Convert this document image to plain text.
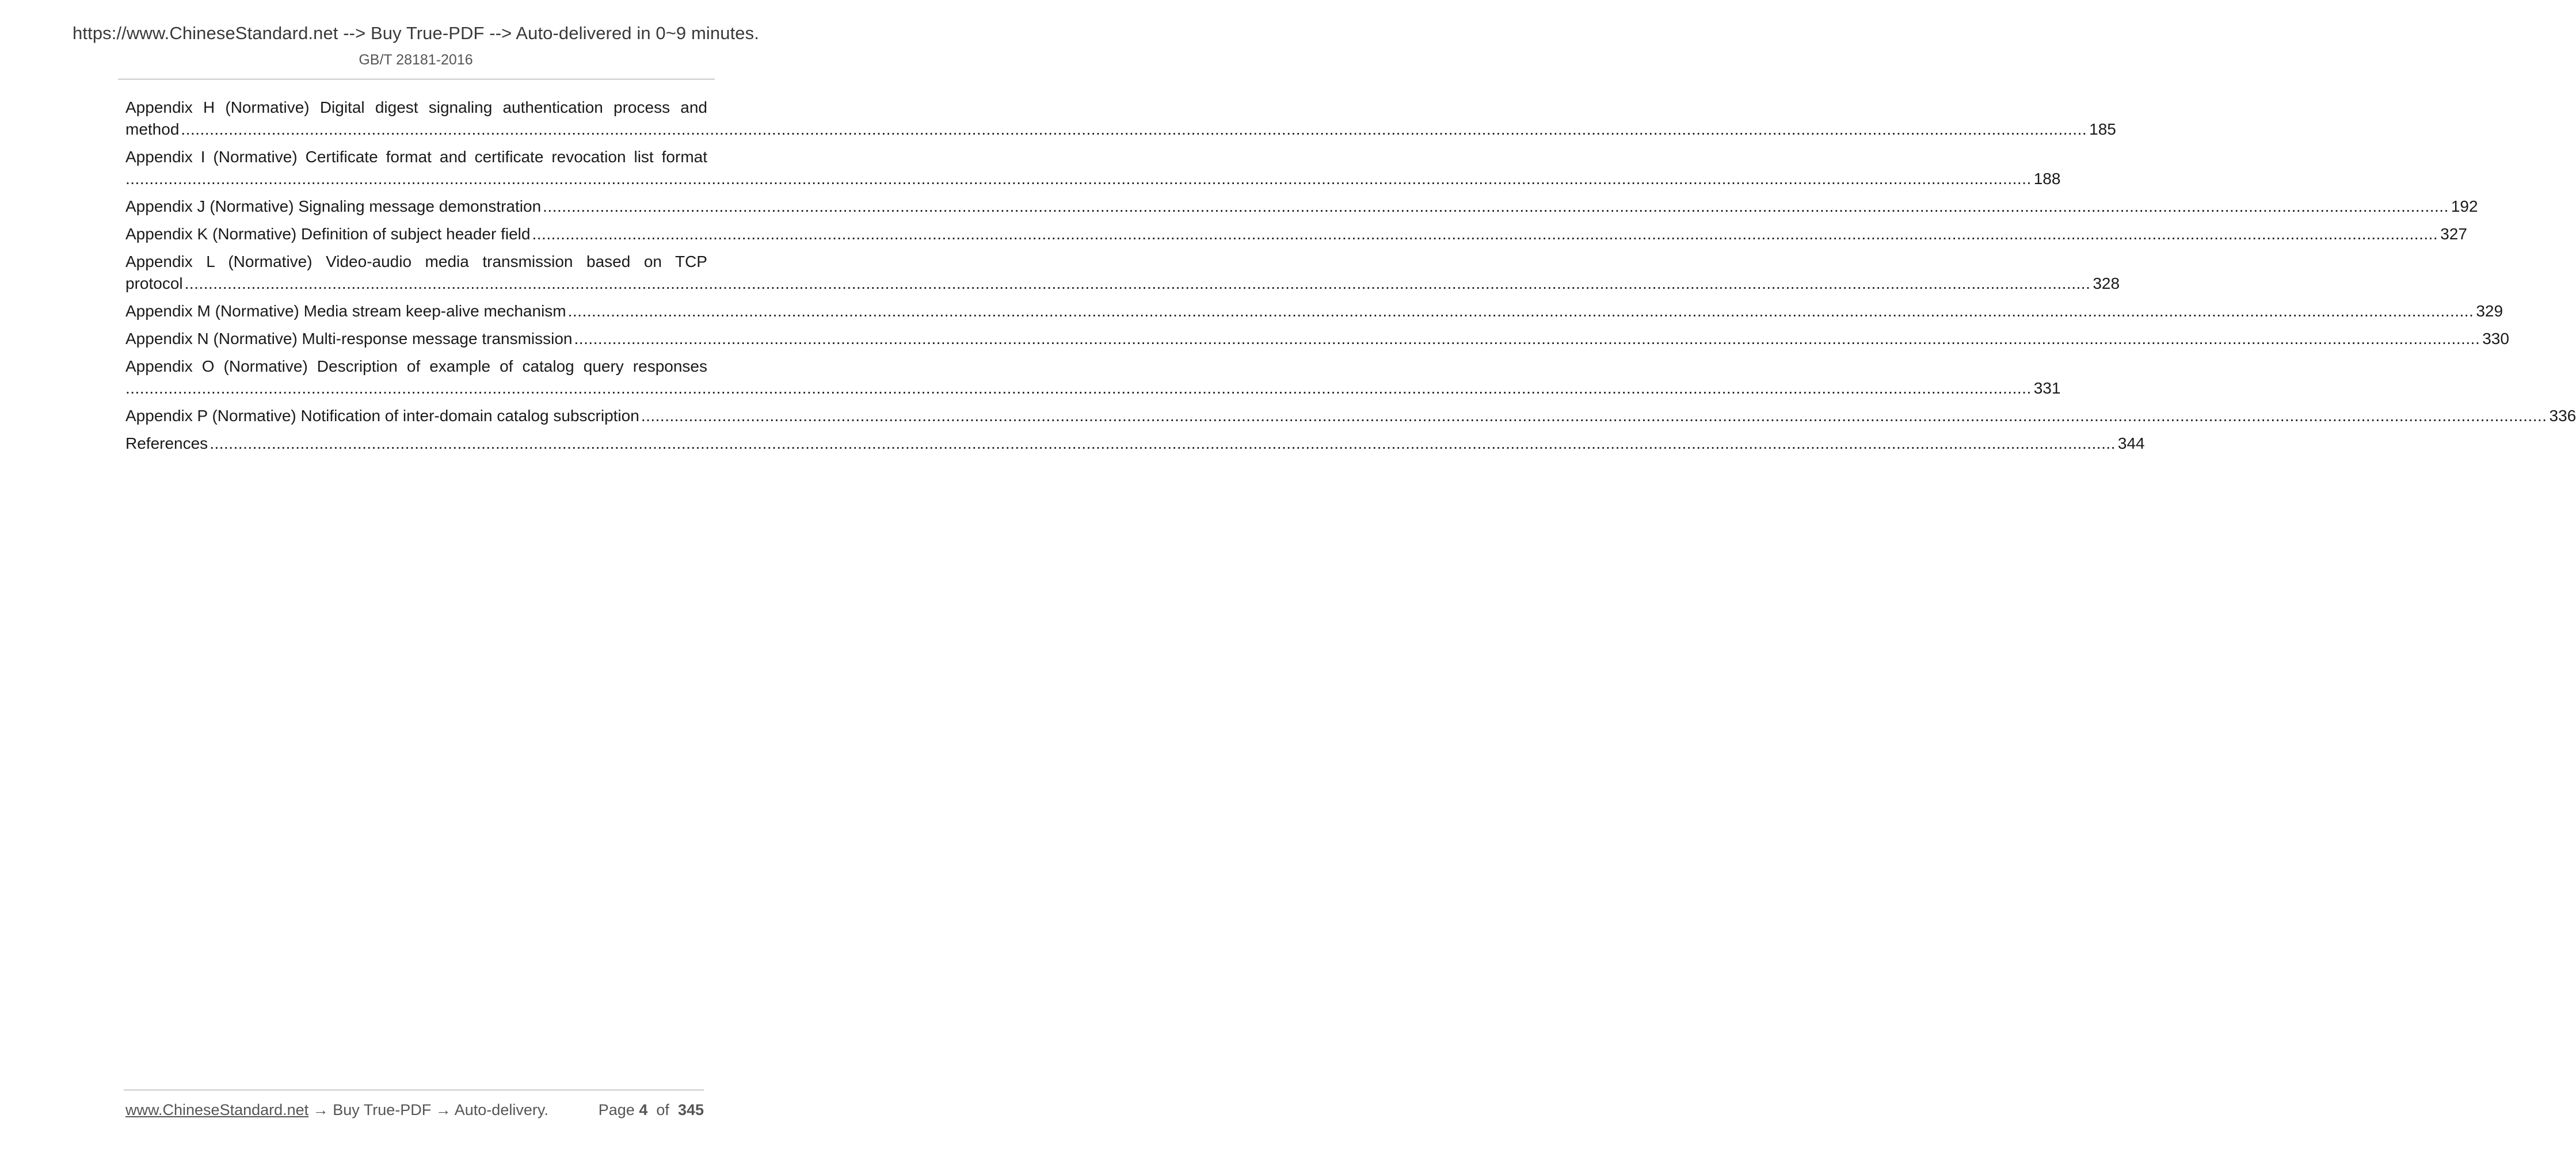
https://www.ChineseStandard.net --> Buy True-PDF --> Auto-delivered in 0~9 minutes.
GB/T 28181-2016
Appendix H (Normative) Digital digest signaling authentication process and
method ................................................................................................................................................................................................................................................................................................................................................................................................................ 185
Appendix I (Normative) Certificate format and certificate revocation list format
................................................................................................................................................................................................................................................................................................................................................................................................................ 188
Appendix J (Normative) Signaling message demonstration ................................................................................................................................................................................................................................................................................................................................................................................................................ 192
Appendix K (Normative) Definition of subject header field ................................................................................................................................................................................................................................................................................................................................................................................................................ 327
Appendix L (Normative) Video-audio media transmission based on TCP
protocol ................................................................................................................................................................................................................................................................................................................................................................................................................ 328
Appendix M (Normative) Media stream keep-alive mechanism ................................................................................................................................................................................................................................................................................................................................................................................................................ 329
Appendix N (Normative) Multi-response message transmission ................................................................................................................................................................................................................................................................................................................................................................................................................ 330
Appendix O (Normative) Description of example of catalog query responses
................................................................................................................................................................................................................................................................................................................................................................................................................ 331
Appendix P (Normative) Notification of inter-domain catalog subscription ................................................................................................................................................................................................................................................................................................................................................................................................................ 336
References ................................................................................................................................................................................................................................................................................................................................................................................................................ 344
www.ChineseStandard.net → Buy True-PDF → Auto-delivery.	Page 4 of 345
